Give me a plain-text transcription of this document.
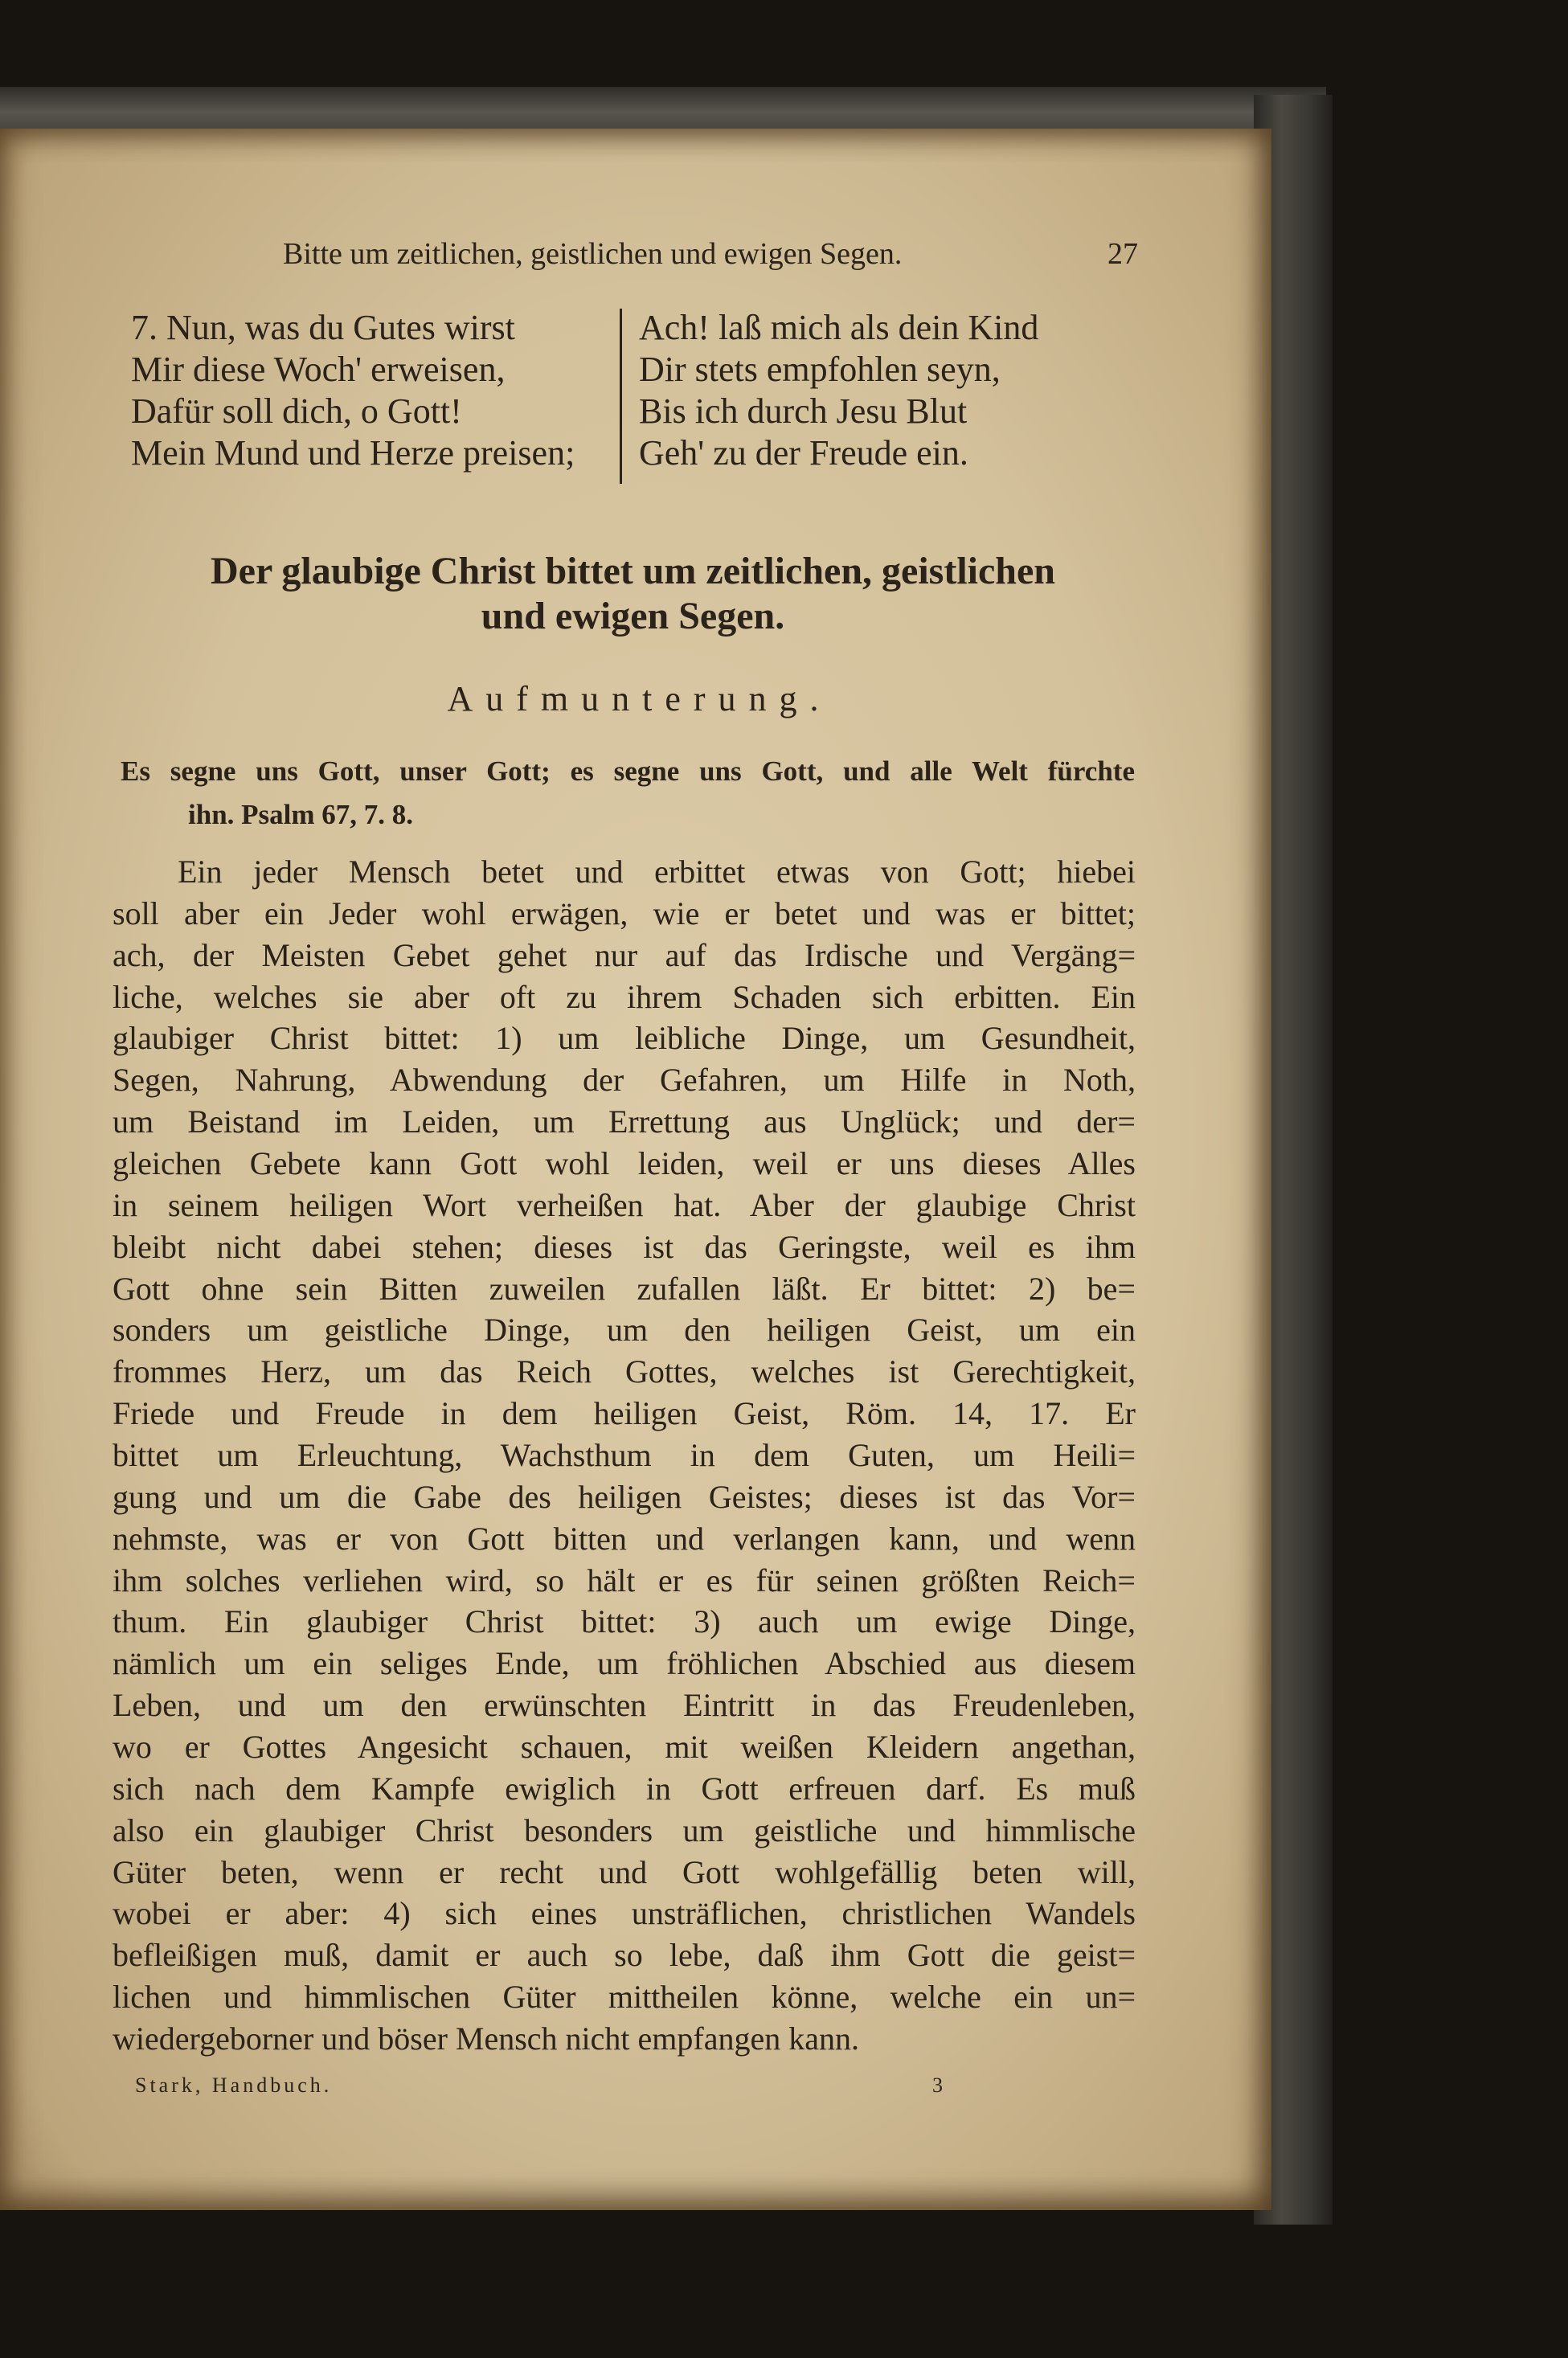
Bitte um zeitlichen, geistlichen und ewigen Segen.	27
7. Nun, was du Gutes wirst
Mir diese Woch' erweisen,
Dafür soll dich, o Gott!
Mein Mund und Herze preisen;
Ach! laß mich als dein Kind
Dir stets empfohlen seyn,
Bis ich durch Jesu Blut
Geh' zu der Freude ein.
Der glaubige Christ bittet um zeitlichen, geistlichen
und ewigen Segen.
Aufmunterung.
Es segne uns Gott, unser Gott; es segne uns Gott, und alle Welt fürchte
ihn. Psalm 67, 7. 8.
Ein jeder Mensch betet und erbittet etwas von Gott; hiebei
soll aber ein Jeder wohl erwägen, wie er betet und was er bittet;
ach, der Meisten Gebet gehet nur auf das Irdische und Vergäng=
liche, welches sie aber oft zu ihrem Schaden sich erbitten. Ein
glaubiger Christ bittet: 1) um leibliche Dinge, um Gesundheit,
Segen, Nahrung, Abwendung der Gefahren, um Hilfe in Noth,
um Beistand im Leiden, um Errettung aus Unglück; und der=
gleichen Gebete kann Gott wohl leiden, weil er uns dieses Alles
in seinem heiligen Wort verheißen hat. Aber der glaubige Christ
bleibt nicht dabei stehen; dieses ist das Geringste, weil es ihm
Gott ohne sein Bitten zuweilen zufallen läßt. Er bittet: 2) be=
sonders um geistliche Dinge, um den heiligen Geist, um ein
frommes Herz, um das Reich Gottes, welches ist Gerechtigkeit,
Friede und Freude in dem heiligen Geist, Röm. 14, 17. Er
bittet um Erleuchtung, Wachsthum in dem Guten, um Heili=
gung und um die Gabe des heiligen Geistes; dieses ist das Vor=
nehmste, was er von Gott bitten und verlangen kann, und wenn
ihm solches verliehen wird, so hält er es für seinen größten Reich=
thum. Ein glaubiger Christ bittet: 3) auch um ewige Dinge,
nämlich um ein seliges Ende, um fröhlichen Abschied aus diesem
Leben, und um den erwünschten Eintritt in das Freudenleben,
wo er Gottes Angesicht schauen, mit weißen Kleidern angethan,
sich nach dem Kampfe ewiglich in Gott erfreuen darf. Es muß
also ein glaubiger Christ besonders um geistliche und himmlische
Güter beten, wenn er recht und Gott wohlgefällig beten will,
wobei er aber: 4) sich eines unsträflichen, christlichen Wandels
befleißigen muß, damit er auch so lebe, daß ihm Gott die geist=
lichen und himmlischen Güter mittheilen könne, welche ein un=
wiedergeborner und böser Mensch nicht empfangen kann.
Stark, Handbuch.	3
